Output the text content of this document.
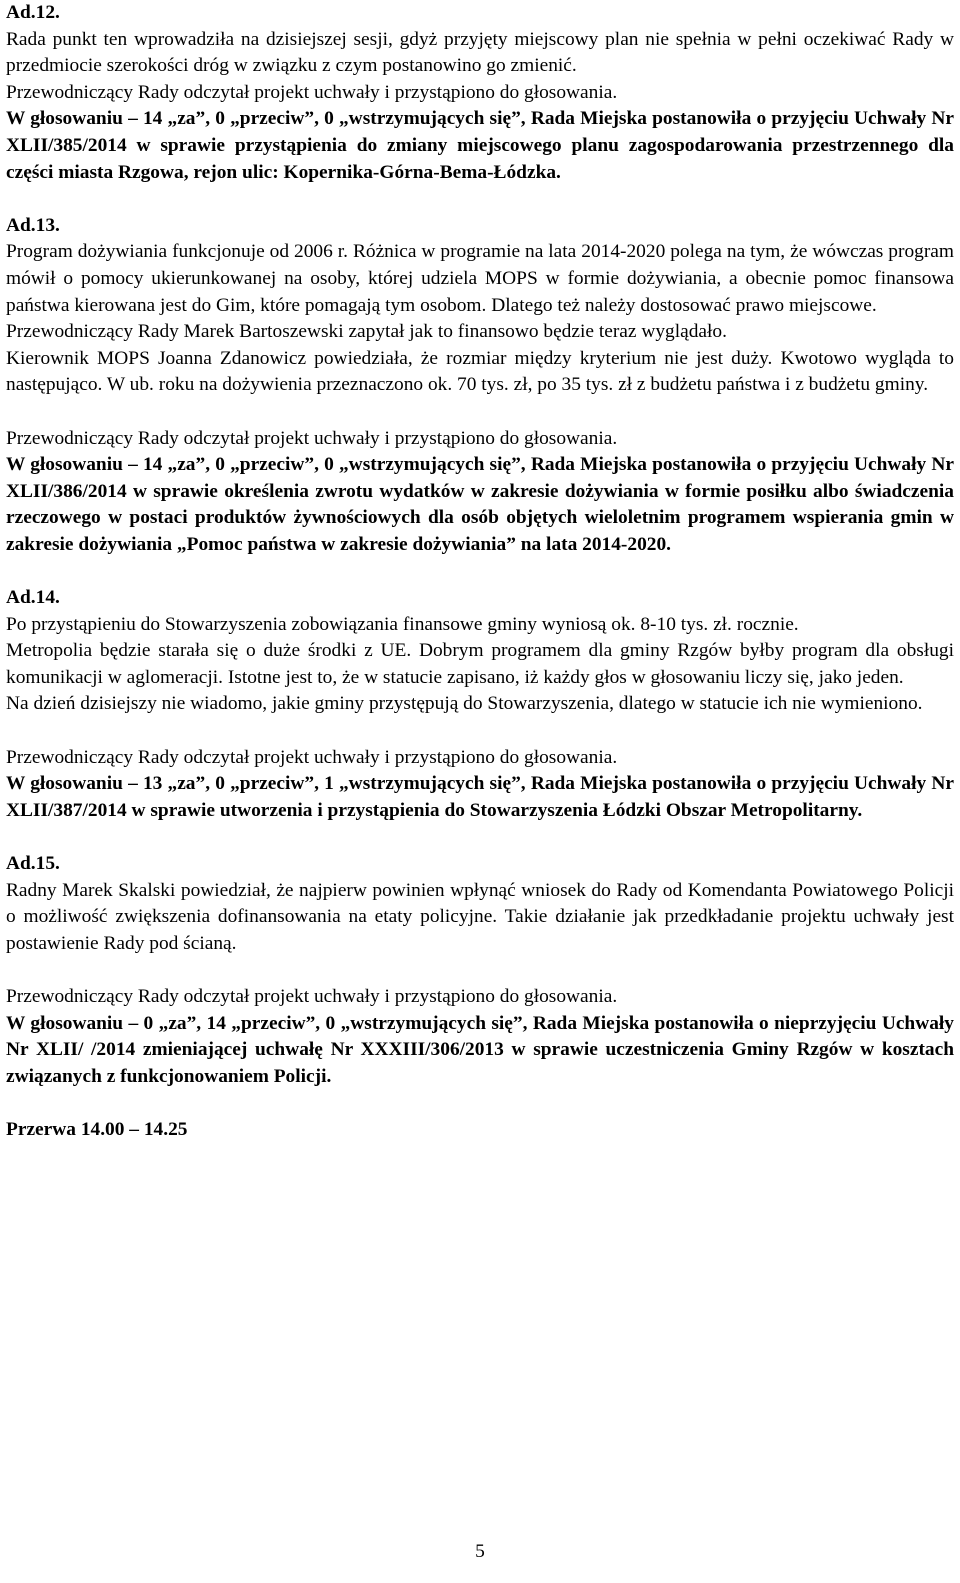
Ad.12.

Rada punkt ten wprowadziła na dzisiejszej sesji, gdyż przyjęty miejscowy plan nie spełnia w pełni oczekiwać Rady w przedmiocie szerokości dróg w związku z czym postanowino go zmienić.

Przewodniczący Rady odczytał projekt uchwały i przystąpiono do głosowania.

W głosowaniu – 14 „za”, 0 „przeciw”, 0 „wstrzymujących się”, Rada Miejska postanowiła o przyjęciu Uchwały Nr XLII/385/2014 w sprawie przystąpienia do zmiany miejscowego planu zagospodarowania przestrzennego dla części miasta Rzgowa, rejon ulic: Kopernika-Górna-Bema-Łódzka.

Ad.13.

Program dożywiania funkcjonuje od 2006 r. Różnica w programie na lata 2014-2020 polega na tym, że wówczas program mówił o pomocy ukierunkowanej na osoby, której udziela MOPS w formie dożywiania, a obecnie pomoc finansowa państwa kierowana jest do Gim, które pomagają tym osobom. Dlatego też należy dostosować prawo miejscowe.

Przewodniczący Rady Marek Bartoszewski zapytał jak to finansowo będzie teraz wyglądało.

Kierownik MOPS Joanna Zdanowicz powiedziała, że rozmiar między kryterium nie jest duży. Kwotowo wygląda to następująco. W ub. roku na dożywienia przeznaczono ok. 70 tys. zł, po 35 tys. zł z budżetu państwa i z budżetu gminy.

Przewodniczący Rady odczytał projekt uchwały i przystąpiono do głosowania.

W głosowaniu – 14 „za”, 0 „przeciw”, 0 „wstrzymujących się”, Rada Miejska postanowiła o przyjęciu Uchwały Nr XLII/386/2014 w sprawie określenia zwrotu wydatków w zakresie dożywiania w formie posiłku albo świadczenia rzeczowego w postaci produktów żywnościowych dla osób objętych wieloletnim programem wspierania gmin w zakresie dożywiania „Pomoc państwa w zakresie dożywiania” na lata 2014-2020.

Ad.14.

Po przystąpieniu do Stowarzyszenia zobowiązania finansowe gminy wyniosą ok. 8-10 tys. zł. rocznie.

Metropolia będzie starała się o duże środki z UE. Dobrym programem dla gminy Rzgów byłby program dla obsługi komunikacji w aglomeracji. Istotne jest to, że w statucie zapisano, iż każdy głos w głosowaniu liczy się, jako jeden.

Na dzień dzisiejszy nie wiadomo, jakie gminy przystępują do Stowarzyszenia, dlatego w statucie ich nie wymieniono.

Przewodniczący Rady odczytał projekt uchwały i przystąpiono do głosowania.

W głosowaniu – 13 „za”, 0 „przeciw”, 1 „wstrzymujących się”, Rada Miejska postanowiła o przyjęciu Uchwały Nr XLII/387/2014 w sprawie utworzenia i przystąpienia do Stowarzyszenia Łódzki Obszar Metropolitarny.

Ad.15.

Radny Marek Skalski powiedział, że najpierw powinien wpłynąć wniosek do Rady od Komendanta Powiatowego Policji o możliwość zwiększenia dofinansowania na etaty policyjne. Takie działanie jak przedkładanie projektu uchwały jest postawienie Rady pod ścianą.

Przewodniczący Rady odczytał projekt uchwały i przystąpiono do głosowania.

W głosowaniu – 0 „za”, 14 „przeciw”, 0 „wstrzymujących się”, Rada Miejska postanowiła o nieprzyjęciu Uchwały Nr XLII/ /2014 zmieniającej uchwałę Nr XXXIII/306/2013 w sprawie uczestniczenia Gminy Rzgów w kosztach związanych z funkcjonowaniem Policji.

Przerwa 14.00 – 14.25

5
